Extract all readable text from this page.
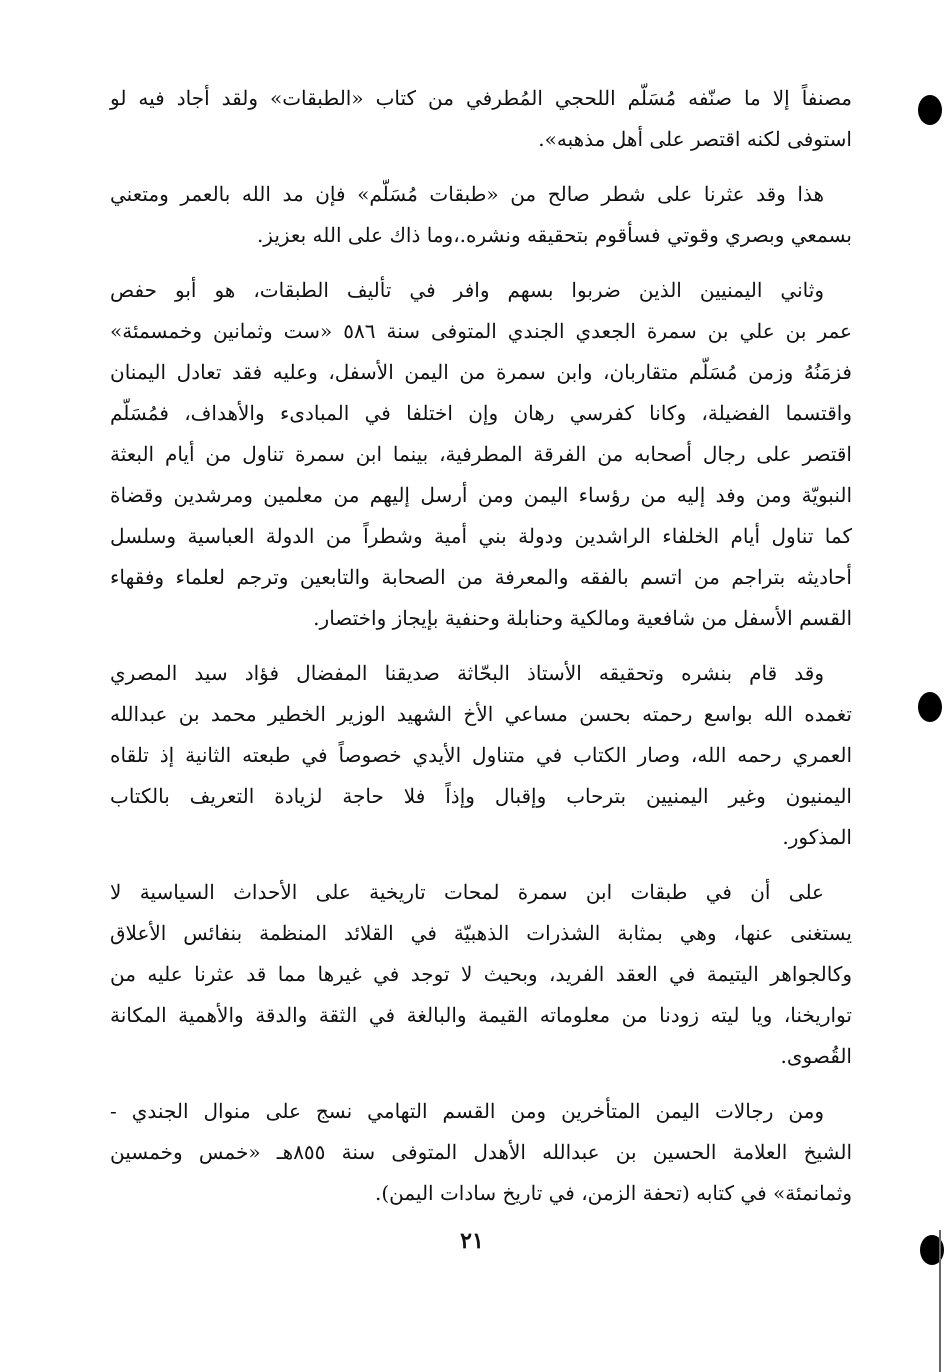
مصنفاً إلا ما صنّفه مُسَلّم اللحجي المُطرفي من كتاب «الطبقات» ولقد أجاد فيه لو
استوفى لكنه اقتصر على أهل مذهبه».
هذا وقد عثرنا على شطر صالح من «طبقات مُسَلّم» فإن مد الله بالعمر ومتعني
بسمعي وبصري وقوتي فسأقوم بتحقيقه ونشره.،وما ذاك على الله بعزيز.
وثاني اليمنيين الذين ضربوا بسهم وافر في تأليف الطبقات، هو أبو حفص
عمر بن علي بن سمرة الجعدي الجندي المتوفى سنة ٥٨٦ «ست وثمانين وخمسمئة»
فزمَنُهُ وزمن مُسَلّم متقاربان، وابن سمرة من اليمن الأسفل، وعليه فقد تعادل اليمنان
واقتسما الفضيلة، وكانا كفرسي رهان وإن اختلفا في المبادىء والأهداف، فمُسَلّم
اقتصر على رجال أصحابه من الفرقة المطرفية، بينما ابن سمرة تناول من أيام البعثة
النبويّة ومن وفد إليه من رؤساء اليمن ومن أرسل إليهم من معلمين ومرشدين وقضاة
كما تناول أيام الخلفاء الراشدين ودولة بني أمية وشطراً من الدولة العباسية وسلسل
أحاديثه بتراجم من اتسم بالفقه والمعرفة من الصحابة والتابعين وترجم لعلماء وفقهاء
القسم الأسفل من شافعية ومالكية وحنابلة وحنفية بإيجاز واختصار.
وقد قام بنشره وتحقيقه الأستاذ البحّاثة صديقنا المفضال فؤاد سيد المصري
تغمده الله بواسع رحمته بحسن مساعي الأخ الشهيد الوزير الخطير محمد بن عبدالله
العمري رحمه الله، وصار الكتاب في متناول الأيدي خصوصاً في طبعته الثانية إذ تلقاه
اليمنيون وغير اليمنيين بترحاب وإقبال وإذاً فلا حاجة لزيادة التعريف بالكتاب
المذكور.
على أن في طبقات ابن سمرة لمحات تاريخية على الأحداث السياسية لا
يستغنى عنها، وهي بمثابة الشذرات الذهبيّة في القلائد المنظمة بنفائس الأعلاق
وكالجواهر اليتيمة في العقد الفريد، وبحيث لا توجد في غيرها مما قد عثرنا عليه من
تواريخنا، ويا ليته زودنا من معلوماته القيمة والبالغة في الثقة والدقة والأهمية المكانة
القُصوى.
ومن رجالات اليمن المتأخرين ومن القسم التهامي نسج على منوال الجندي -
الشيخ العلامة الحسين بن عبدالله الأهدل المتوفى سنة ٨٥٥هـ «خمس وخمسين
وثمانمئة» في كتابه (تحفة الزمن، في تاريخ سادات اليمن).
٢١
